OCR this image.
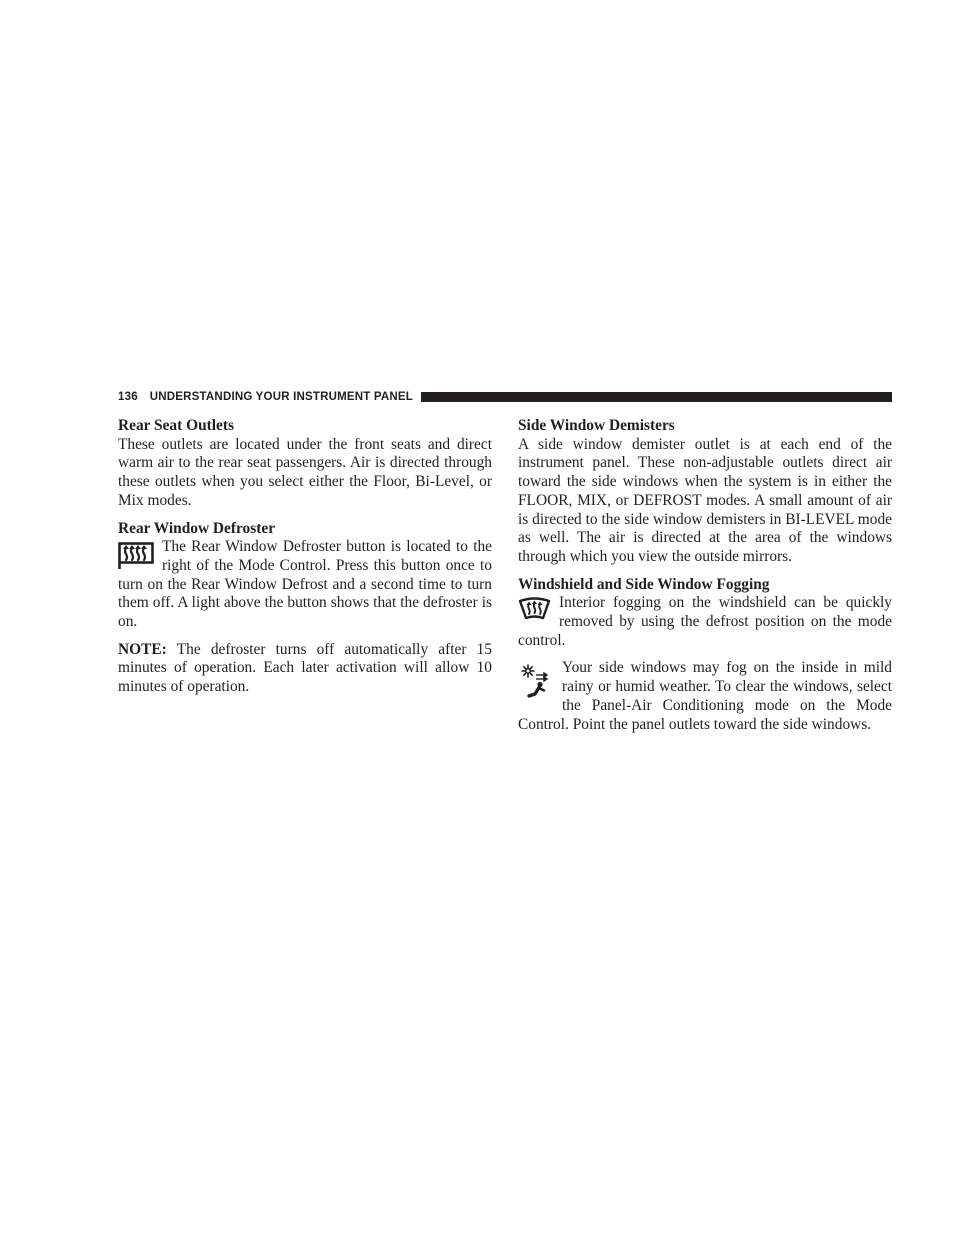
136 UNDERSTANDING YOUR INSTRUMENT PANEL
Rear Seat Outlets

These outlets are located under the front seats and direct warm air to the rear seat passengers. Air is directed through these outlets when you select either the Floor, Bi-Level, or Mix modes.

Rear Window Defroster

The Rear Window Defroster button is located to the right of the Mode Control. Press this button once to turn on the Rear Window Defrost and a second time to turn them off. A light above the button shows that the defroster is on.

NOTE: The defroster turns off automatically after 15 minutes of operation. Each later activation will allow 10 minutes of operation.

Side Window Demisters

A side window demister outlet is at each end of the instrument panel. These non-adjustable outlets direct air toward the side windows when the system is in either the FLOOR, MIX, or DEFROST modes. A small amount of air is directed to the side window demisters in BI-LEVEL mode as well. The air is directed at the area of the windows through which you view the outside mirrors.

Windshield and Side Window Fogging

Interior fogging on the windshield can be quickly removed by using the defrost position on the mode control.

Your side windows may fog on the inside in mild rainy or humid weather. To clear the windows, select the Panel-Air Conditioning mode on the Mode Control. Point the panel outlets toward the side windows.
